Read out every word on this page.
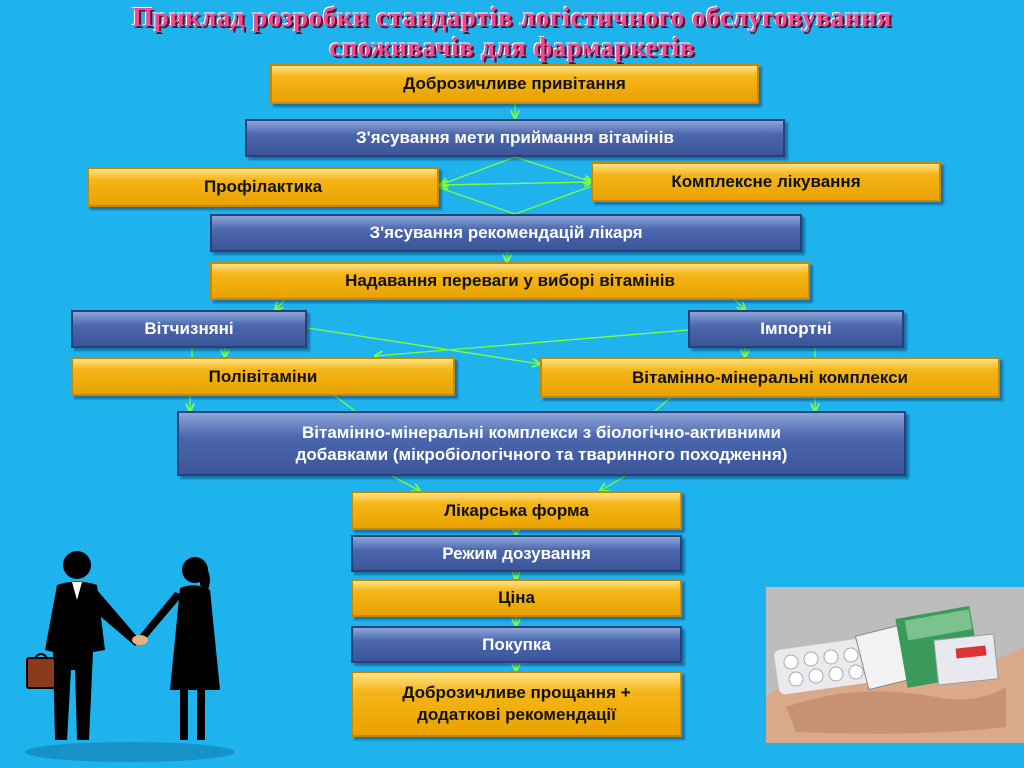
Приклад розробки стандартів логістичного обслуговування
споживачів для фармаркетів
Доброзичливе привітання
З'ясування мети приймання вітамінів
Профілактика	Комплексне лікування
З'ясування рекомендацій лікаря
Надавання переваги у виборі вітамінів
Вітчизняні	Імпортні
Полівітаміни	Вітамінно-мінеральні комплекси
Вітамінно-мінеральні комплекси з біологічно-активними
добавками (мікробіологічного та тваринного походження)
Лікарська форма
Режим дозування
Ціна
Покупка
Доброзичливе прощання +
додаткові рекомендації
